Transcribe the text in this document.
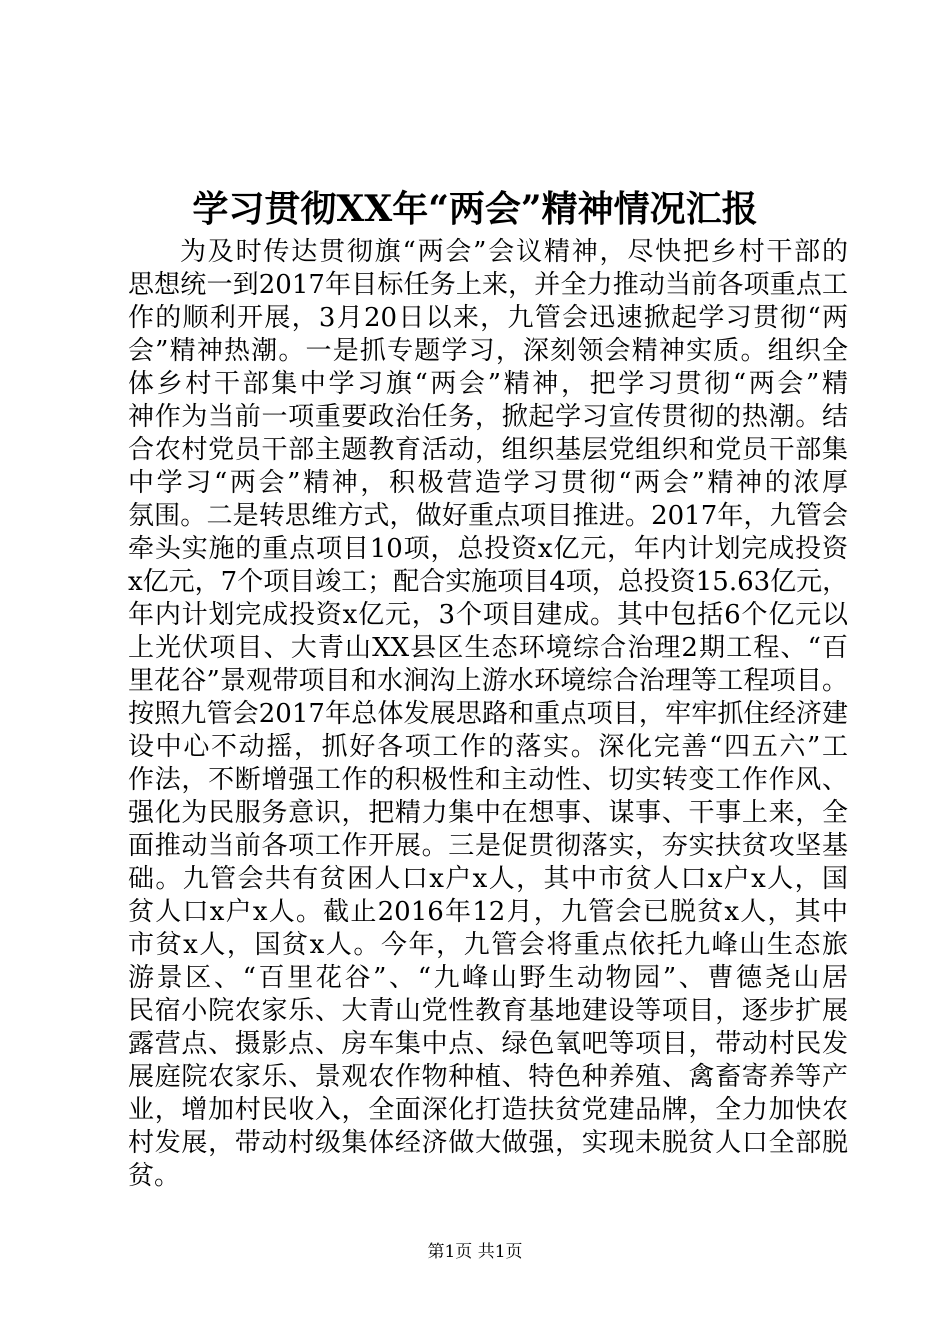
学习贯彻XX年“两会”精神情况汇报
为及时传达贯彻旗“两会”会议精神，尽快把乡村干部的
思想统一到2017年目标任务上来，并全力推动当前各项重点工
作的顺利开展，3月20日以来，九管会迅速掀起学习贯彻“两
会”精神热潮。一是抓专题学习，深刻领会精神实质。组织全
体乡村干部集中学习旗“两会”精神，把学习贯彻“两会”精
神作为当前一项重要政治任务，掀起学习宣传贯彻的热潮。结
合农村党员干部主题教育活动，组织基层党组织和党员干部集
中学习“两会”精神，积极营造学习贯彻“两会”精神的浓厚
氛围。二是转思维方式，做好重点项目推进。2017年，九管会
牵头实施的重点项目10项，总投资x亿元，年内计划完成投资
x亿元，7个项目竣工；配合实施项目4项，总投资15.63亿元，
年内计划完成投资x亿元，3个项目建成。其中包括6个亿元以
上光伏项目、大青山XX县区生态环境综合治理2期工程、“百
里花谷”景观带项目和水涧沟上游水环境综合治理等工程项目。
按照九管会2017年总体发展思路和重点项目，牢牢抓住经济建
设中心不动摇，抓好各项工作的落实。深化完善“四五六”工
作法，不断增强工作的积极性和主动性、切实转变工作作风、
强化为民服务意识，把精力集中在想事、谋事、干事上来，全
面推动当前各项工作开展。三是促贯彻落实，夯实扶贫攻坚基
础。九管会共有贫困人口x户x人，其中市贫人口x户x人，国
贫人口x户x人。截止2016年12月，九管会已脱贫x人，其中
市贫x人，国贫x人。今年，九管会将重点依托九峰山生态旅
游景区、“百里花谷”、“九峰山野生动物园”、曹德尧山居
民宿小院农家乐、大青山党性教育基地建设等项目，逐步扩展
露营点、摄影点、房车集中点、绿色氧吧等项目，带动村民发
展庭院农家乐、景观农作物种植、特色种养殖、禽畜寄养等产
业，增加村民收入，全面深化打造扶贫党建品牌，全力加快农
村发展，带动村级集体经济做大做强，实现未脱贫人口全部脱
贫。
第1页 共1页
